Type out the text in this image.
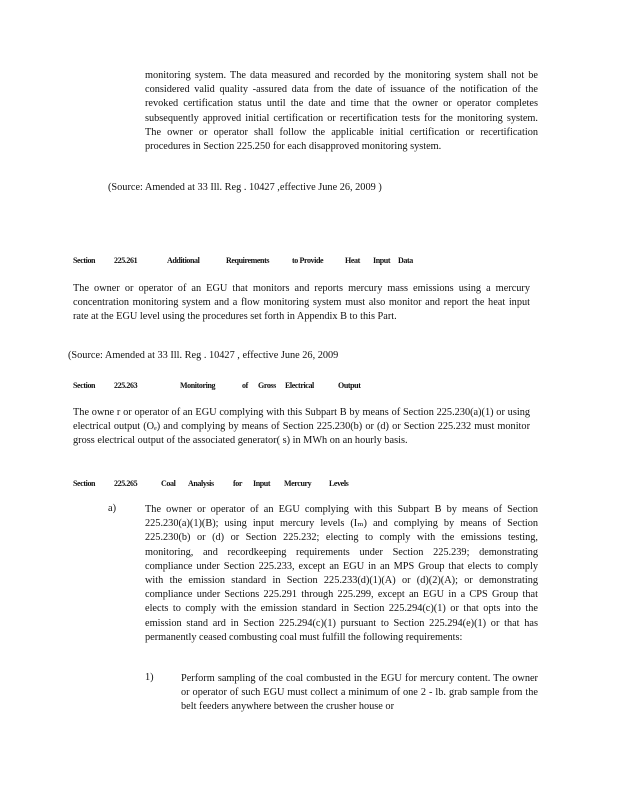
monitoring system. The data measured and recorded by the monitoring system shall not be considered valid quality -assured data from the date of issuance of the notification of the revoked certification status until the date and time that the owner or operator completes subsequently approved initial certification or recertification tests for the monitoring system. The owner or operator shall follow the applicable initial certification or recertification procedures in Section 225.250 for each disapproved monitoring system.

(Source: Amended at 33 Ill. Reg . 10427 ,effective June 26, 2009 )
Section	225.261	Additional	Requirements	to Provide	Heat	Input Data

The owner or operator of an EGU that monitors and reports mercury mass emissions using a mercury concentration monitoring system and a flow monitoring system must also monitor and report the heat input rate at the EGU level using the procedures set forth in Appendix B to this Part.

(Source: Amended at 33 Ill. Reg . 10427 , effective June 26, 2009
Section	225.263	Monitoring	of	Gross	Electrical	Output

The owne r or operator of an EGU complying with this Subpart B by means of Section 225.230(a)(1) or using electrical output (Oₑ) and complying by means of Section 225.230(b) or (d) or Section 225.232 must monitor gross electrical output of the associated generator( s) in MWh on an hourly basis.

Section	225.265	Coal	Analysis	for	Input	Mercury	Levels
a)	The owner or operator of an EGU complying with this Subpart B by means of Section 225.230(a)(1)(B); using input mercury levels (Iₘ) and complying by means of Section 225.230(b) or (d) or Section 225.232; electing to comply with the emissions testing, monitoring, and recordkeeping requirements under Section 225.239; demonstrating compliance under Section 225.233, except an EGU in an MPS Group that elects to comply with the emission standard in Section 225.233(d)(1)(A) or (d)(2)(A); or demonstrating compliance under Sections 225.291 through 225.299, except an EGU in a CPS Group that elects to comply with the emission standard in Section 225.294(c)(1) or that opts into the emission stand ard in Section 225.294(c)(1) pursuant to Section 225.294(e)(1) or that has permanently ceased combusting coal must fulfill the following requirements:

1)	Perform sampling of the coal combusted in the EGU for mercury content. The owner or operator of such EGU must collect a minimum of one 2 - lb. grab sample from the belt feeders anywhere between the crusher house or
